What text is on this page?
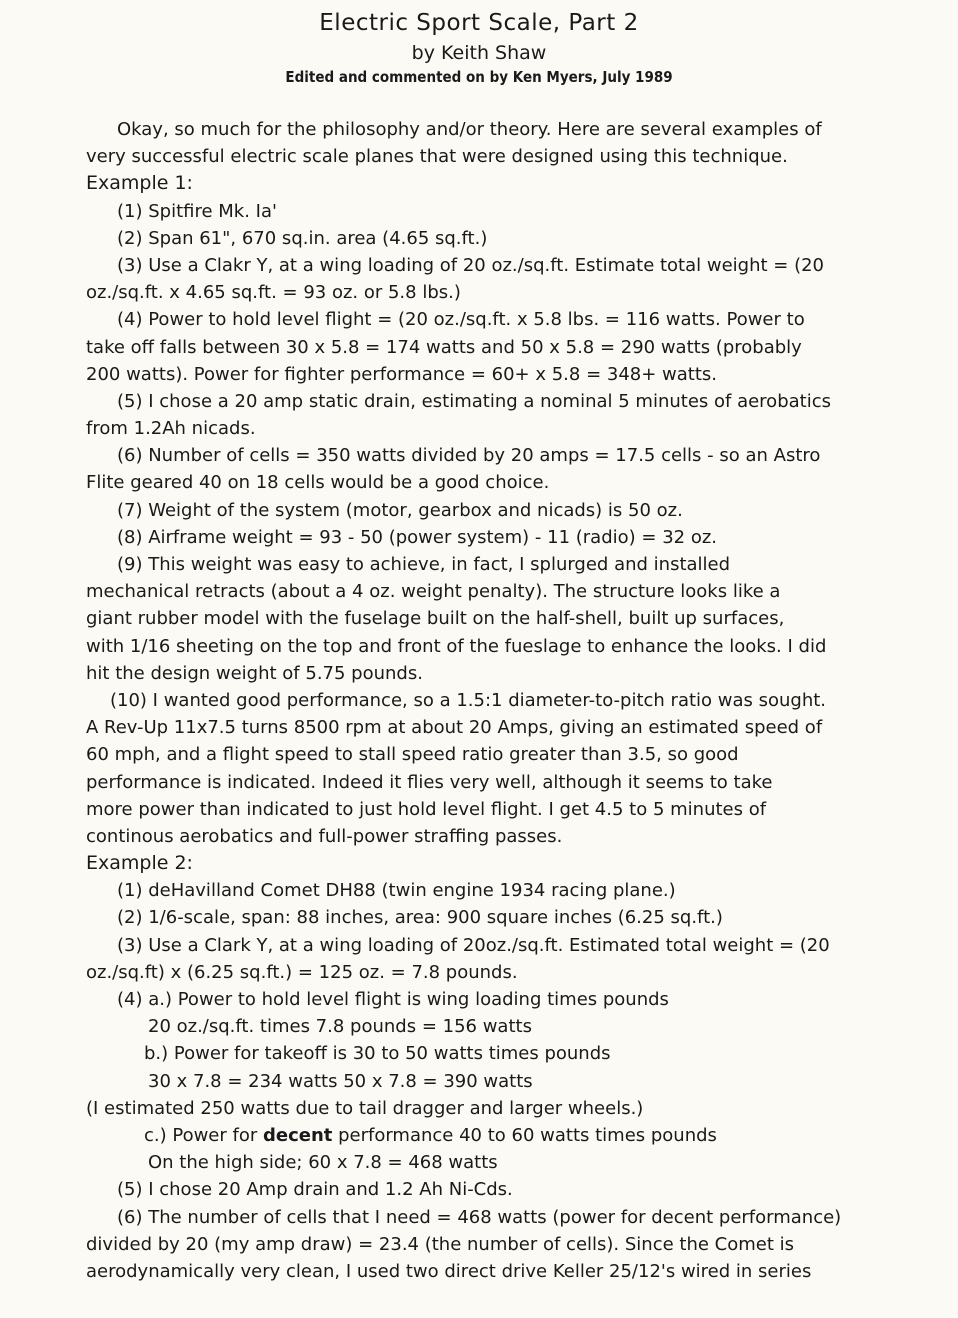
Electric Sport Scale, Part 2
by Keith Shaw
Edited and commented on by Ken Myers, July 1989
Okay, so much for the philosophy and/or theory. Here are several examples of
very successful electric scale planes that were designed using this technique.
Example 1:
(1) Spitfire Mk. Ia'
(2) Span 61", 670 sq.in. area (4.65 sq.ft.)
(3) Use a Clakr Y, at a wing loading of 20 oz./sq.ft. Estimate total weight = (20
oz./sq.ft. x 4.65 sq.ft. = 93 oz. or 5.8 lbs.)
(4) Power to hold level flight = (20 oz./sq.ft. x 5.8 lbs. = 116 watts. Power to
take off falls between 30 x 5.8 = 174 watts and 50 x 5.8 = 290 watts (probably
200 watts). Power for fighter performance = 60+ x 5.8 = 348+ watts.
(5) I chose a 20 amp static drain, estimating a nominal 5 minutes of aerobatics
from 1.2Ah nicads.
(6) Number of cells = 350 watts divided by 20 amps = 17.5 cells - so an Astro
Flite geared 40 on 18 cells would be a good choice.
(7) Weight of the system (motor, gearbox and nicads) is 50 oz.
(8) Airframe weight = 93 - 50 (power system) - 11 (radio) = 32 oz.
(9) This weight was easy to achieve, in fact, I splurged and installed
mechanical retracts (about a 4 oz. weight penalty). The structure looks like a
giant rubber model with the fuselage built on the half-shell, built up surfaces,
with 1/16 sheeting on the top and front of the fueslage to enhance the looks. I did
hit the design weight of 5.75 pounds.
(10) I wanted good performance, so a 1.5:1 diameter-to-pitch ratio was sought.
A Rev-Up 11x7.5 turns 8500 rpm at about 20 Amps, giving an estimated speed of
60 mph, and a flight speed to stall speed ratio greater than 3.5, so good
performance is indicated. Indeed it flies very well, although it seems to take
more power than indicated to just hold level flight. I get 4.5 to 5 minutes of
continous aerobatics and full-power straffing passes.
Example 2:
(1) deHavilland Comet DH88 (twin engine 1934 racing plane.)
(2) 1/6-scale, span: 88 inches, area: 900 square inches (6.25 sq.ft.)
(3) Use a Clark Y, at a wing loading of 20oz./sq.ft. Estimated total weight = (20
oz./sq.ft) x (6.25 sq.ft.) = 125 oz. = 7.8 pounds.
(4) a.) Power to hold level flight is wing loading times pounds
20 oz./sq.ft. times 7.8 pounds = 156 watts
b.) Power for takeoff is 30 to 50 watts times pounds
30 x 7.8 = 234 watts 50 x 7.8 = 390 watts
(I estimated 250 watts due to tail dragger and larger wheels.)
c.) Power for decent performance 40 to 60 watts times pounds
On the high side; 60 x 7.8 = 468 watts
(5) I chose 20 Amp drain and 1.2 Ah Ni-Cds.
(6) The number of cells that I need = 468 watts (power for decent performance)
divided by 20 (my amp draw) = 23.4 (the number of cells). Since the Comet is
aerodynamically very clean, I used two direct drive Keller 25/12's wired in series
